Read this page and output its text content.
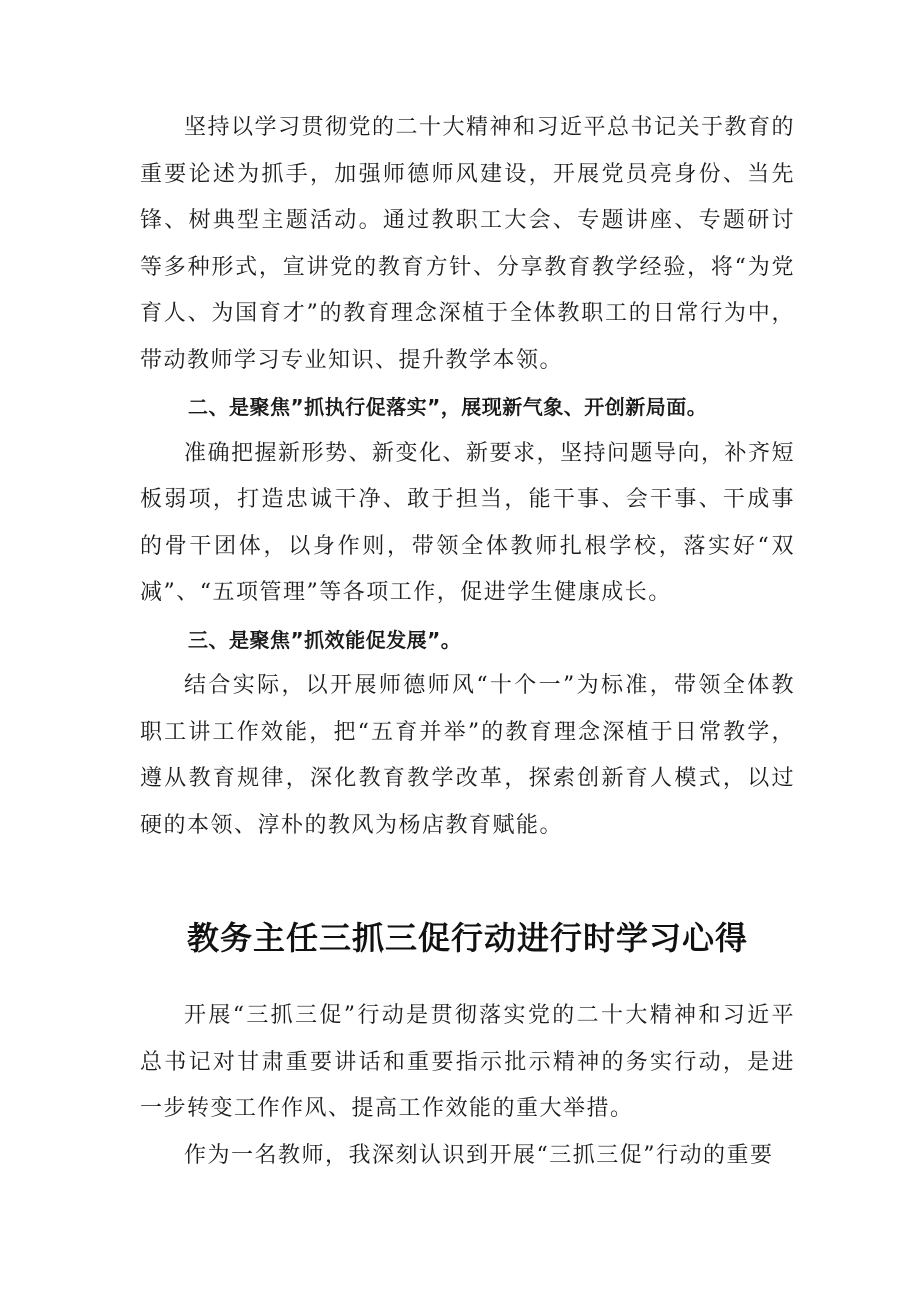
坚持以学习贯彻党的二十大精神和习近平总书记关于教育的重要论述为抓手，加强师德师风建设，开展党员亮身份、当先锋、树典型主题活动。通过教职工大会、专题讲座、专题研讨等多种形式，宣讲党的教育方针、分享教育教学经验，将“为党育人、为国育才”的教育理念深植于全体教职工的日常行为中，带动教师学习专业知识、提升教学本领。

二、是聚焦”抓执行促落实”，展现新气象、开创新局面。

准确把握新形势、新变化、新要求，坚持问题导向，补齐短板弱项，打造忠诚干净、敢于担当，能干事、会干事、干成事的骨干团体，以身作则，带领全体教师扎根学校，落实好“双减”、“五项管理”等各项工作，促进学生健康成长。

三、是聚焦”抓效能促发展”。

结合实际，以开展师德师风“十个一”为标准，带领全体教职工讲工作效能，把“五育并举”的教育理念深植于日常教学，遵从教育规律，深化教育教学改革，探索创新育人模式，以过硬的本领、淳朴的教风为杨店教育赋能。

教务主任三抓三促行动进行时学习心得

开展“三抓三促”行动是贯彻落实党的二十大精神和习近平总书记对甘肃重要讲话和重要指示批示精神的务实行动，是进一步转变工作作风、提高工作效能的重大举措。

作为一名教师，我深刻认识到开展“三抓三促”行动的重要
